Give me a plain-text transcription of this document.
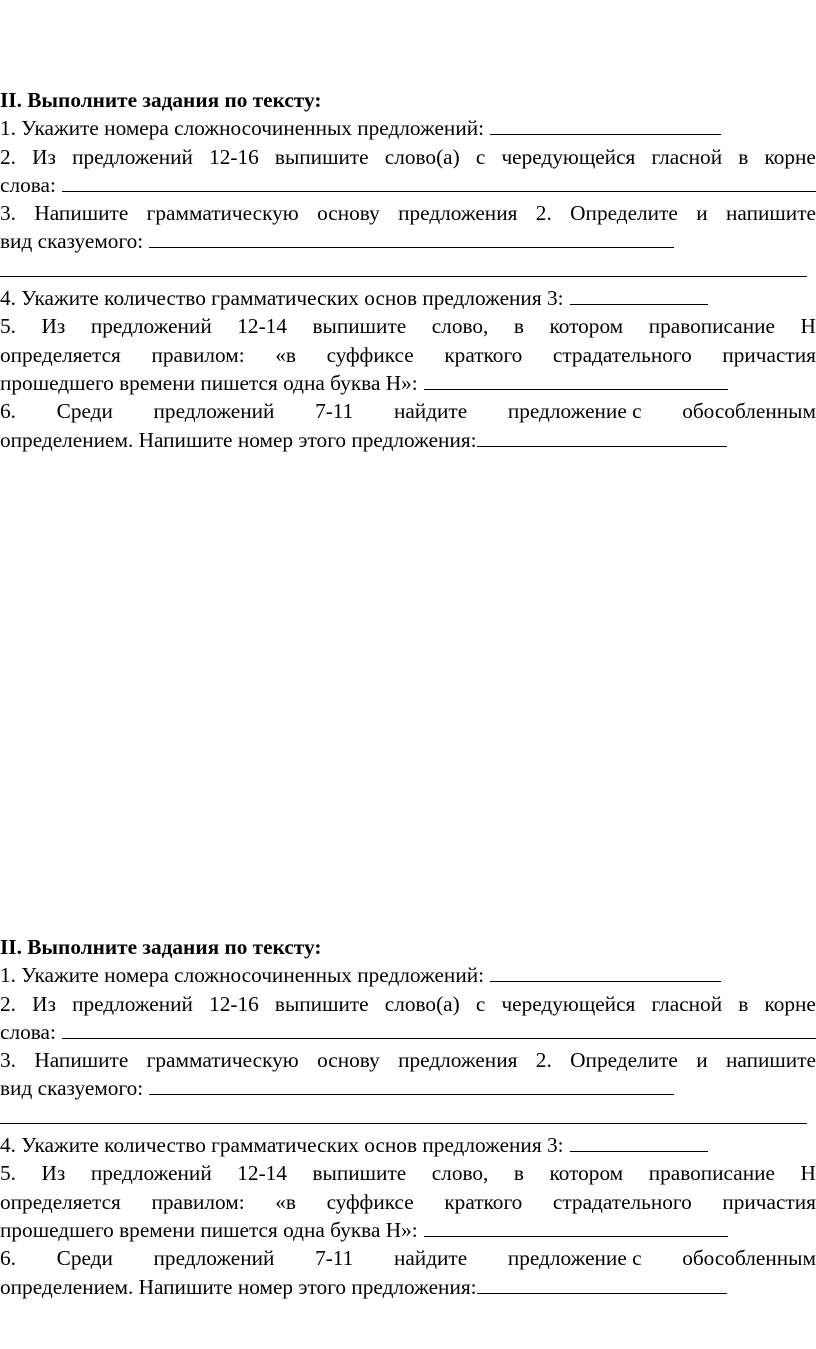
II. Выполните задания по тексту:
1. Укажите номера сложносочиненных предложений:
2. Из предложений 12-16 выпишите слово(а) с чередующейся гласной в корне
слова:
3. Напишите грамматическую основу предложения 2. Определите и напишите
вид сказуемого:
4. Укажите количество грамматических основ предложения 3:
5. Из предложений 12-14 выпишите слово, в котором правописание Н
определяется правилом: «в суффиксе краткого страдательного причастия
прошедшего времени пишется одна буква Н»:
6. Среди предложений 7-11 найдите предложение с обособленным
определением. Напишите номер этого предложения:
II. Выполните задания по тексту:
1. Укажите номера сложносочиненных предложений:
2. Из предложений 12-16 выпишите слово(а) с чередующейся гласной в корне
слова:
3. Напишите грамматическую основу предложения 2. Определите и напишите
вид сказуемого:
4. Укажите количество грамматических основ предложения 3:
5. Из предложений 12-14 выпишите слово, в котором правописание Н
определяется правилом: «в суффиксе краткого страдательного причастия
прошедшего времени пишется одна буква Н»:
6. Среди предложений 7-11 найдите предложение с обособленным
определением. Напишите номер этого предложения:
